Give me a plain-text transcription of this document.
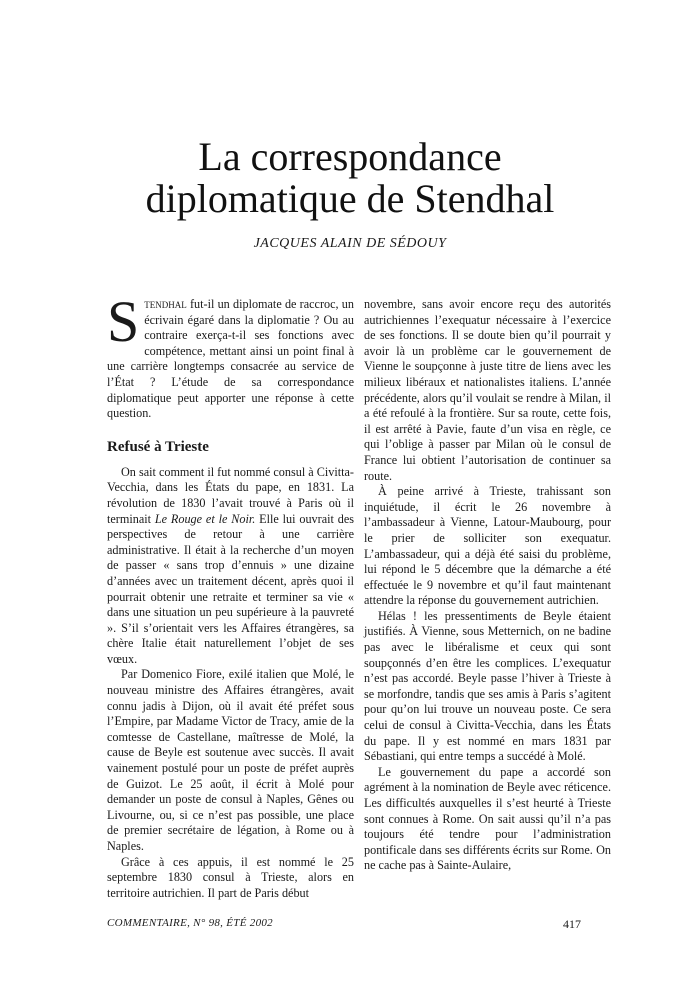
La correspondance
diplomatique de Stendhal
JACQUES ALAIN DE SÉDOUY

Stendhal fut-il un diplomate de raccroc, un écrivain égaré dans la diplomatie ? Ou au contraire exerça-t-il ses fonctions avec compétence, mettant ainsi un point final à une carrière longtemps consacrée au service de l’État ? L’étude de sa correspondance diplomatique peut apporter une réponse à cette question.

Refusé à Trieste

On sait comment il fut nommé consul à Civitta-Vecchia, dans les États du pape, en 1831. La révolution de 1830 l’avait trouvé à Paris où il terminait Le Rouge et le Noir. Elle lui ouvrait des perspectives de retour à une carrière administrative. Il était à la recherche d’un moyen de passer « sans trop d’ennuis » une dizaine d’années avec un traitement décent, après quoi il pourrait obtenir une retraite et terminer sa vie « dans une situation un peu supérieure à la pauvreté ». S’il s’orientait vers les Affaires étrangères, sa chère Italie était naturellement l’objet de ses vœux.

Par Domenico Fiore, exilé italien que Molé, le nouveau ministre des Affaires étrangères, avait connu jadis à Dijon, où il avait été préfet sous l’Empire, par Madame Victor de Tracy, amie de la comtesse de Castellane, maîtresse de Molé, la cause de Beyle est soutenue avec succès. Il avait vainement postulé pour un poste de préfet auprès de Guizot. Le 25 août, il écrit à Molé pour demander un poste de consul à Naples, Gênes ou Livourne, ou, si ce n’est pas possible, une place de premier secrétaire de légation, à Rome ou à Naples.

Grâce à ces appuis, il est nommé le 25 septembre 1830 consul à Trieste, alors en territoire autrichien. Il part de Paris début

novembre, sans avoir encore reçu des autorités autrichiennes l’exequatur nécessaire à l’exercice de ses fonctions. Il se doute bien qu’il pourrait y avoir là un problème car le gouvernement de Vienne le soupçonne à juste titre de liens avec les milieux libéraux et nationalistes italiens. L’année précédente, alors qu’il voulait se rendre à Milan, il a été refoulé à la frontière. Sur sa route, cette fois, il est arrêté à Pavie, faute d’un visa en règle, ce qui l’oblige à passer par Milan où le consul de France lui obtient l’autorisation de continuer sa route.

À peine arrivé à Trieste, trahissant son inquiétude, il écrit le 26 novembre à l’ambassadeur à Vienne, Latour-Maubourg, pour le prier de solliciter son exequatur. L’ambassadeur, qui a déjà été saisi du problème, lui répond le 5 décembre que la démarche a été effectuée le 9 novembre et qu’il faut maintenant attendre la réponse du gouvernement autrichien.

Hélas ! les pressentiments de Beyle étaient justifiés. À Vienne, sous Metternich, on ne badine pas avec le libéralisme et ceux qui sont soupçonnés d’en être les complices. L’exequatur n’est pas accordé. Beyle passe l’hiver à Trieste à se morfondre, tandis que ses amis à Paris s’agitent pour qu’on lui trouve un nouveau poste. Ce sera celui de consul à Civitta-Vecchia, dans les États du pape. Il y est nommé en mars 1831 par Sébastiani, qui entre temps a succédé à Molé.

Le gouvernement du pape a accordé son agrément à la nomination de Beyle avec réticence. Les difficultés auxquelles il s’est heurté à Trieste sont connues à Rome. On sait aussi qu’il n’a pas toujours été tendre pour l’administration pontificale dans ses différents écrits sur Rome. On ne cache pas à Sainte-Aulaire,

COMMENTAIRE, N° 98, ÉTÉ 2002	417
